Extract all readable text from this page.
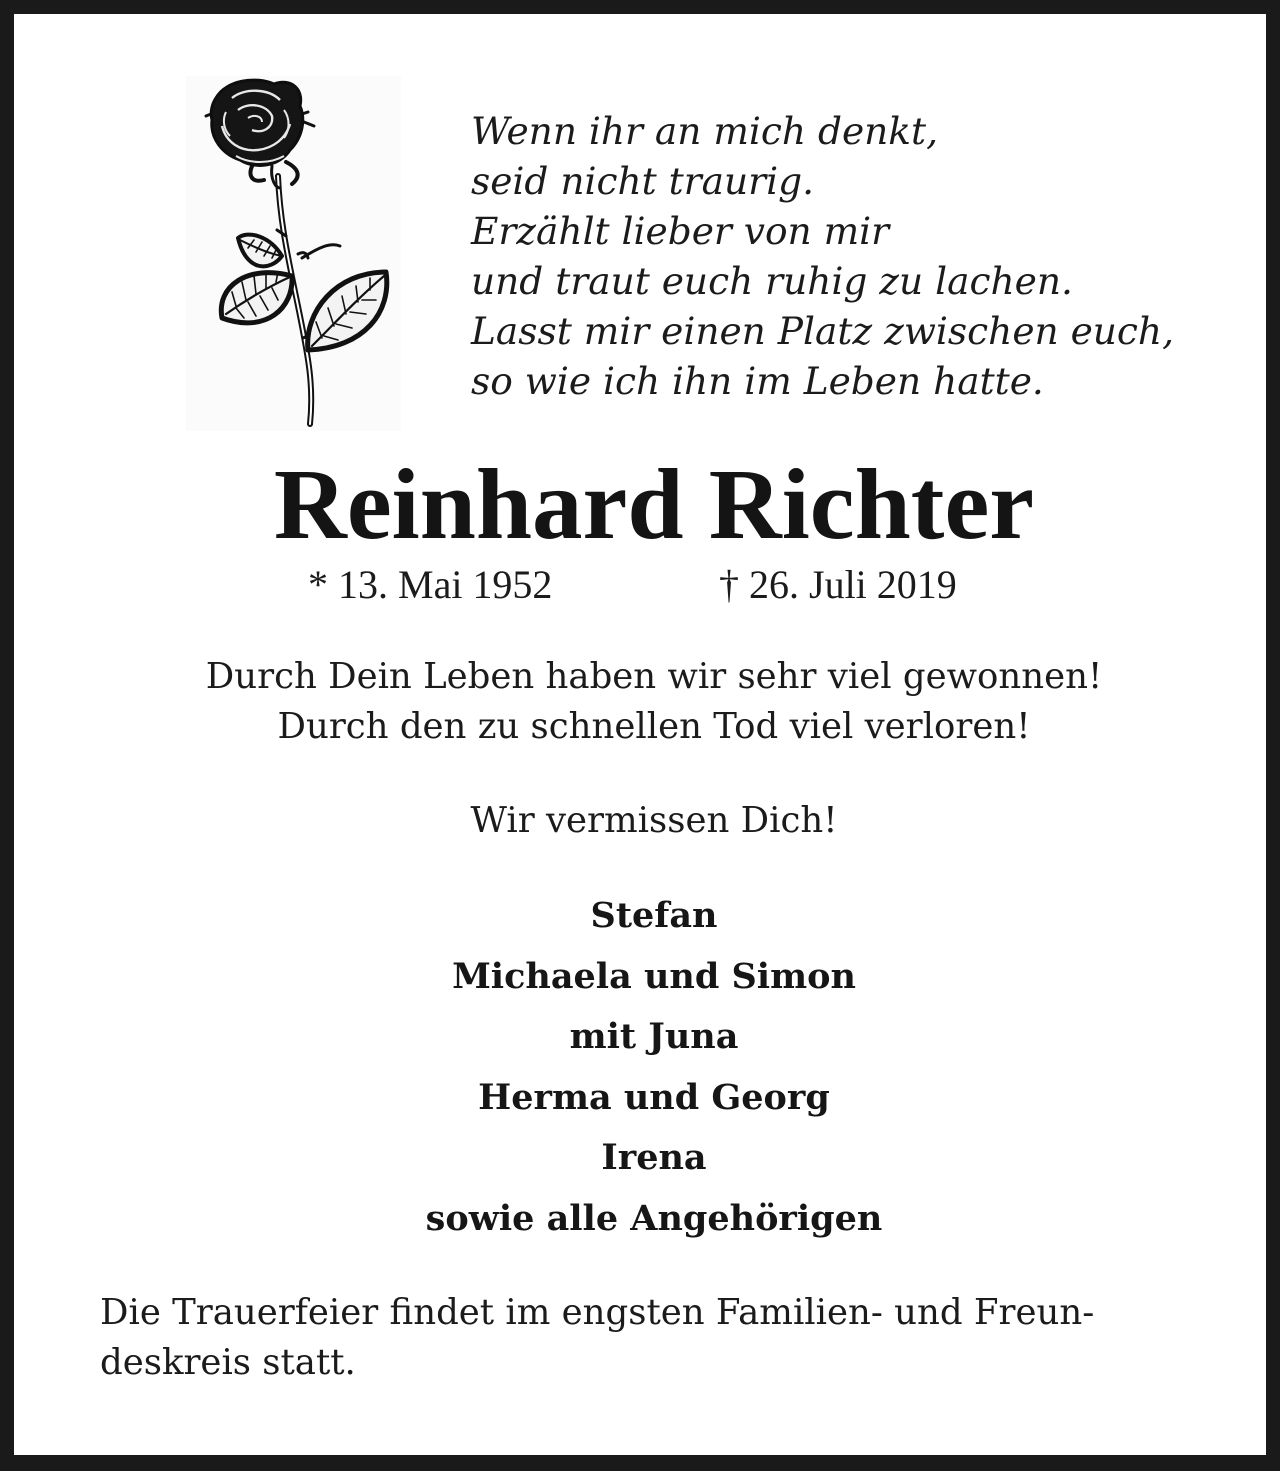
Wenn ihr an mich denkt,
seid nicht traurig.
Erzählt lieber von mir
und traut euch ruhig zu lachen.
Lasst mir einen Platz zwischen euch,
so wie ich ihn im Leben hatte.
Reinhard Richter
* 13. Mai 1952	† 26. Juli 2019
Durch Dein Leben haben wir sehr viel gewonnen!
Durch den zu schnellen Tod viel verloren!
Wir vermissen Dich!
Stefan
Michaela und Simon
mit Juna
Herma und Georg
Irena
sowie alle Angehörigen
Die Trauerfeier findet im engsten Familien- und Freun-
deskreis statt.
